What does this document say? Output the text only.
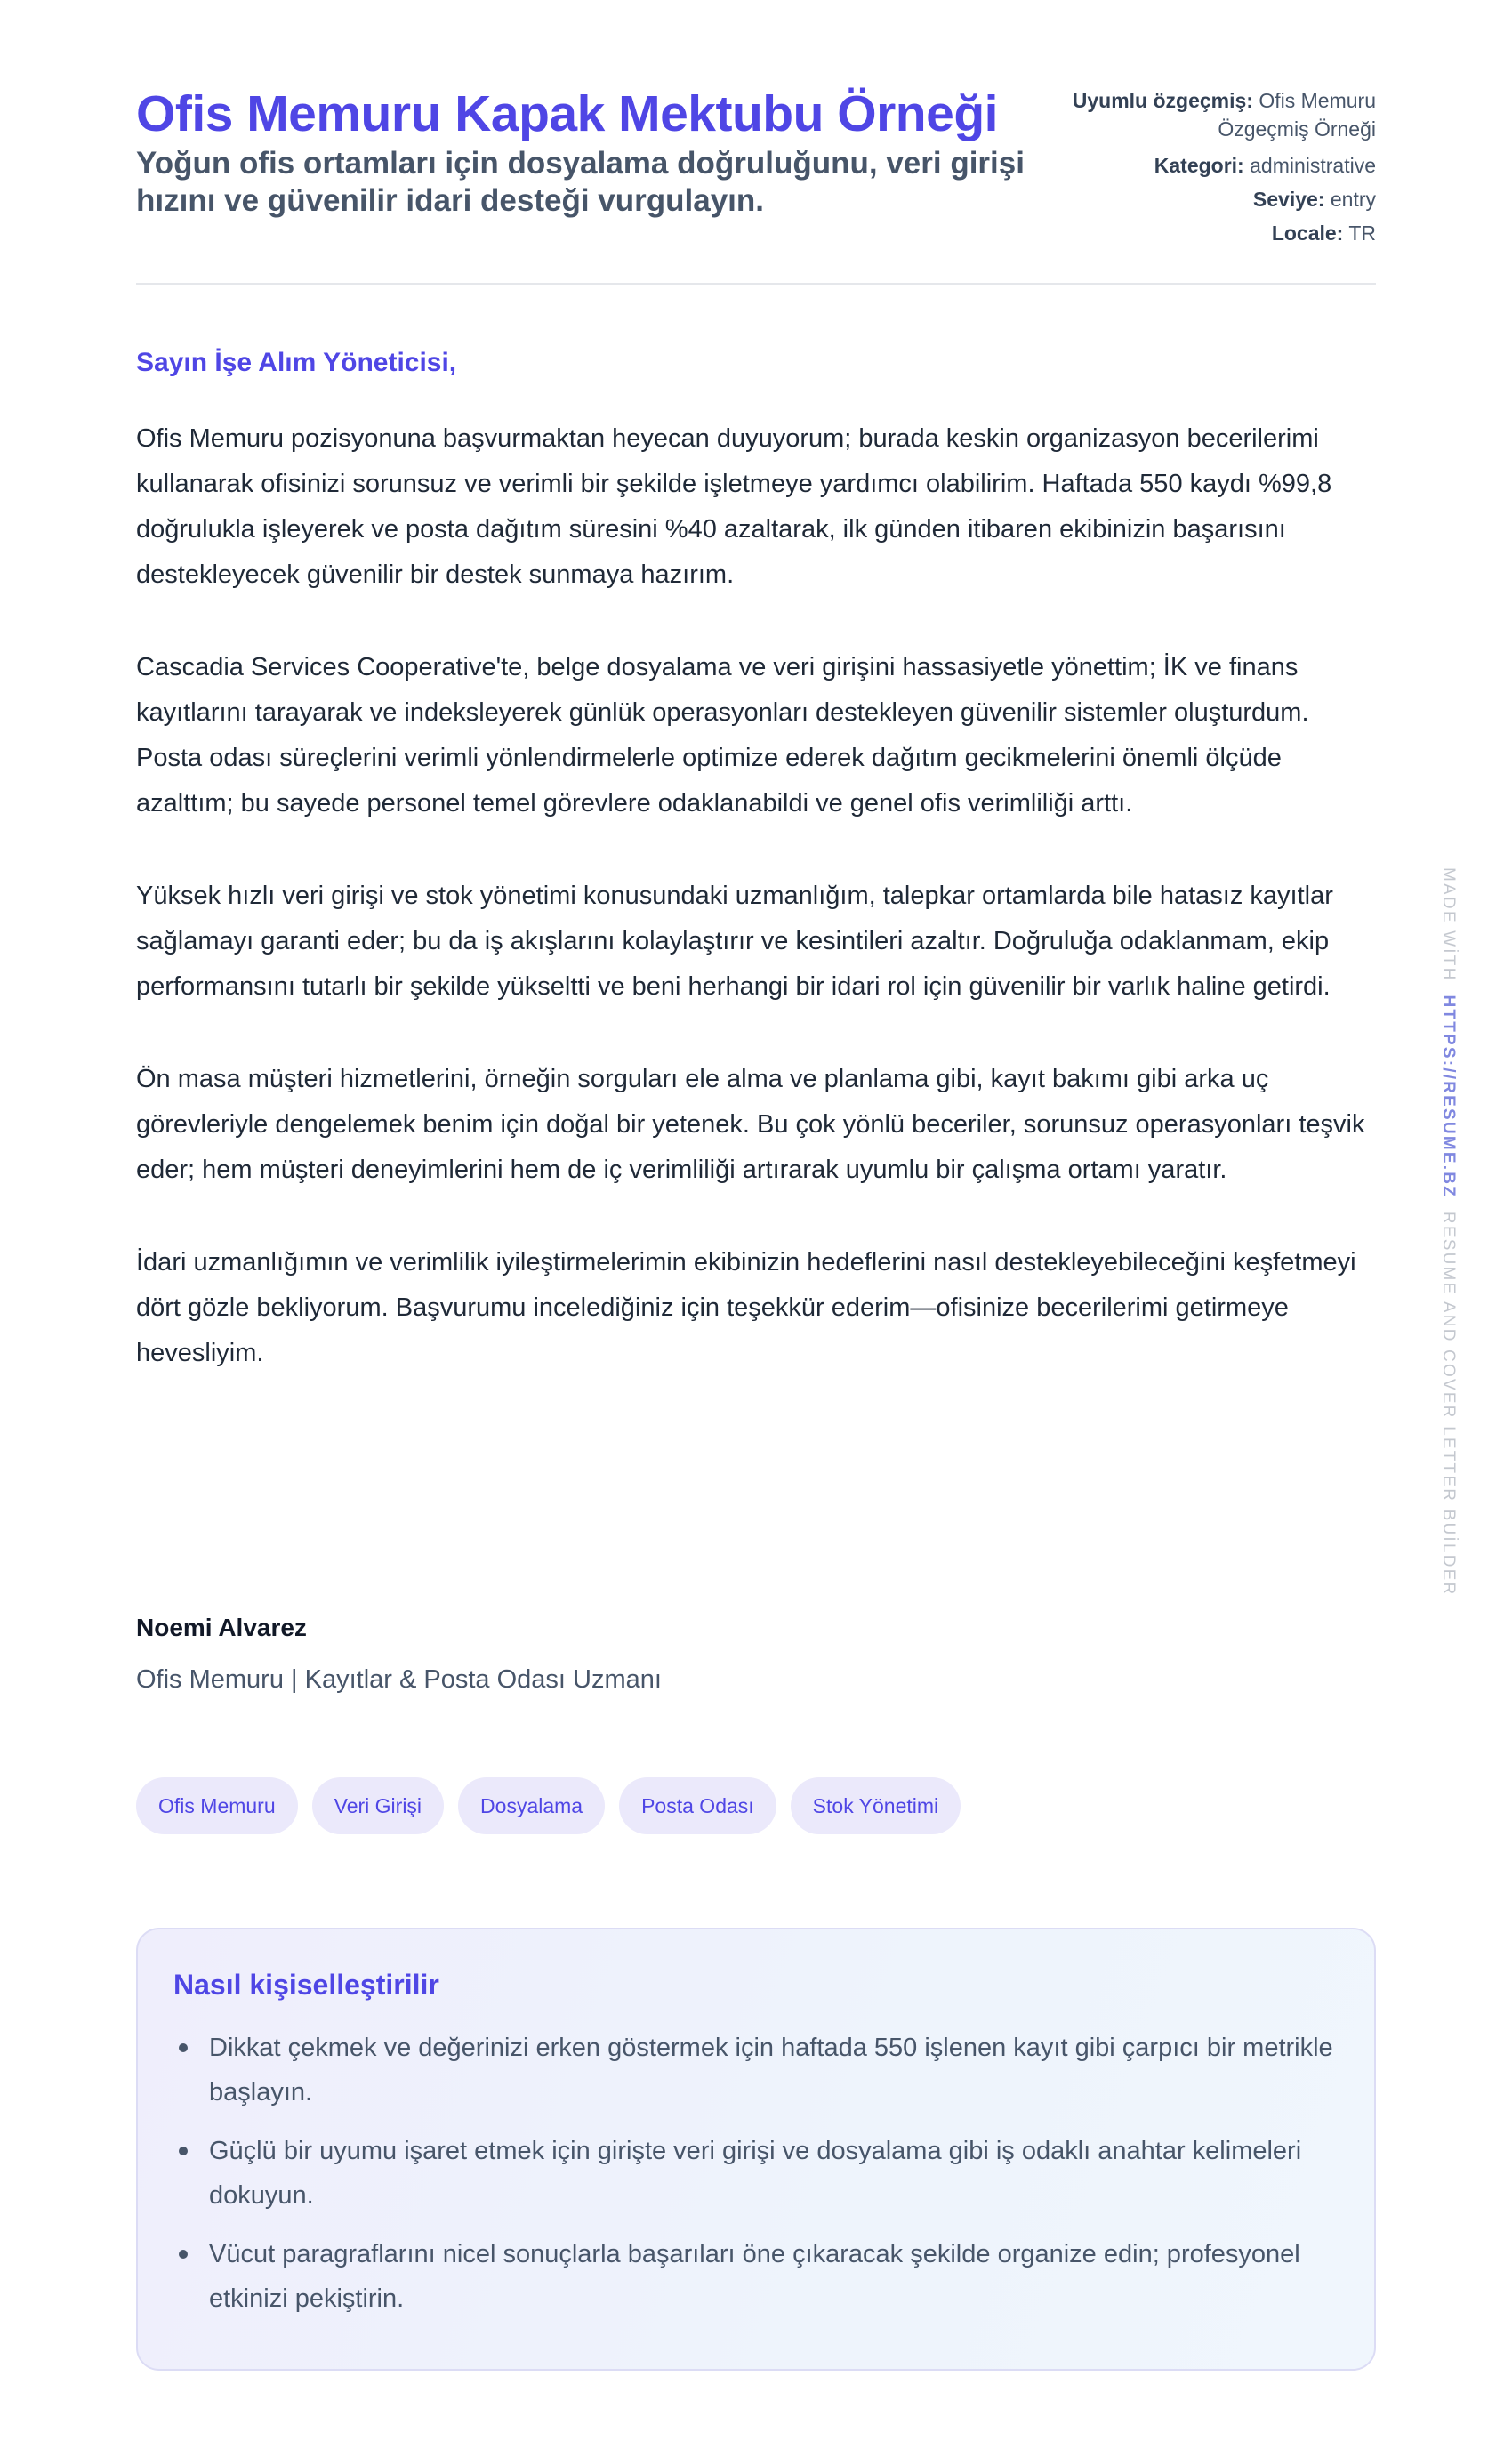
Ofis Memuru Kapak Mektubu Örneği

Yoğun ofis ortamları için dosyalama doğruluğunu, veri girişi hızını ve güvenilir idari desteği vurgulayın.

Uyumlu özgeçmiş: Ofis Memuru Özgeçmiş Örneği
Kategori: administrative
Seviye: entry
Locale: TR

Sayın İşe Alım Yöneticisi,

Ofis Memuru pozisyonuna başvurmaktan heyecan duyuyorum; burada keskin organizasyon becerilerimi kullanarak ofisinizi sorunsuz ve verimli bir şekilde işletmeye yardımcı olabilirim. Haftada 550 kaydı %99,8 doğrulukla işleyerek ve posta dağıtım süresini %40 azaltarak, ilk günden itibaren ekibinizin başarısını destekleyecek güvenilir bir destek sunmaya hazırım.

Cascadia Services Cooperative'te, belge dosyalama ve veri girişini hassasiyetle yönettim; İK ve finans kayıtlarını tarayarak ve indeksleyerek günlük operasyonları destekleyen güvenilir sistemler oluşturdum. Posta odası süreçlerini verimli yönlendirmelerle optimize ederek dağıtım gecikmelerini önemli ölçüde azalttım; bu sayede personel temel görevlere odaklanabildi ve genel ofis verimliliği arttı.

Yüksek hızlı veri girişi ve stok yönetimi konusundaki uzmanlığım, talepkar ortamlarda bile hatasız kayıtlar sağlamayı garanti eder; bu da iş akışlarını kolaylaştırır ve kesintileri azaltır. Doğruluğa odaklanmam, ekip performansını tutarlı bir şekilde yükseltti ve beni herhangi bir idari rol için güvenilir bir varlık haline getirdi.

Ön masa müşteri hizmetlerini, örneğin sorguları ele alma ve planlama gibi, kayıt bakımı gibi arka uç görevleriyle dengelemek benim için doğal bir yetenek. Bu çok yönlü beceriler, sorunsuz operasyonları teşvik eder; hem müşteri deneyimlerini hem de iç verimliliği artırarak uyumlu bir çalışma ortamı yaratır.

İdari uzmanlığımın ve verimlilik iyileştirmelerimin ekibinizin hedeflerini nasıl destekleyebileceğini keşfetmeyi dört gözle bekliyorum. Başvurumu incelediğiniz için teşekkür ederim—ofisinize becerilerimi getirmeye hevesliyim.

Noemi Alvarez
Ofis Memuru | Kayıtlar & Posta Odası Uzmanı
Ofis Memuru	Veri Girişi	Dosyalama	Posta Odası	Stok Yönetimi
Nasıl kişiselleştirilir
Dikkat çekmek ve değerinizi erken göstermek için haftada 550 işlenen kayıt gibi çarpıcı bir metrikle başlayın.
Güçlü bir uyumu işaret etmek için girişte veri girişi ve dosyalama gibi iş odaklı anahtar kelimeleri dokuyun.
Vücut paragraflarını nicel sonuçlarla başarıları öne çıkaracak şekilde organize edin; profesyonel etkinizi pekiştirin.
MADE WİTH  HTTPS://RESUME.BZ  RESUME AND COVER LETTER BUİLDER
